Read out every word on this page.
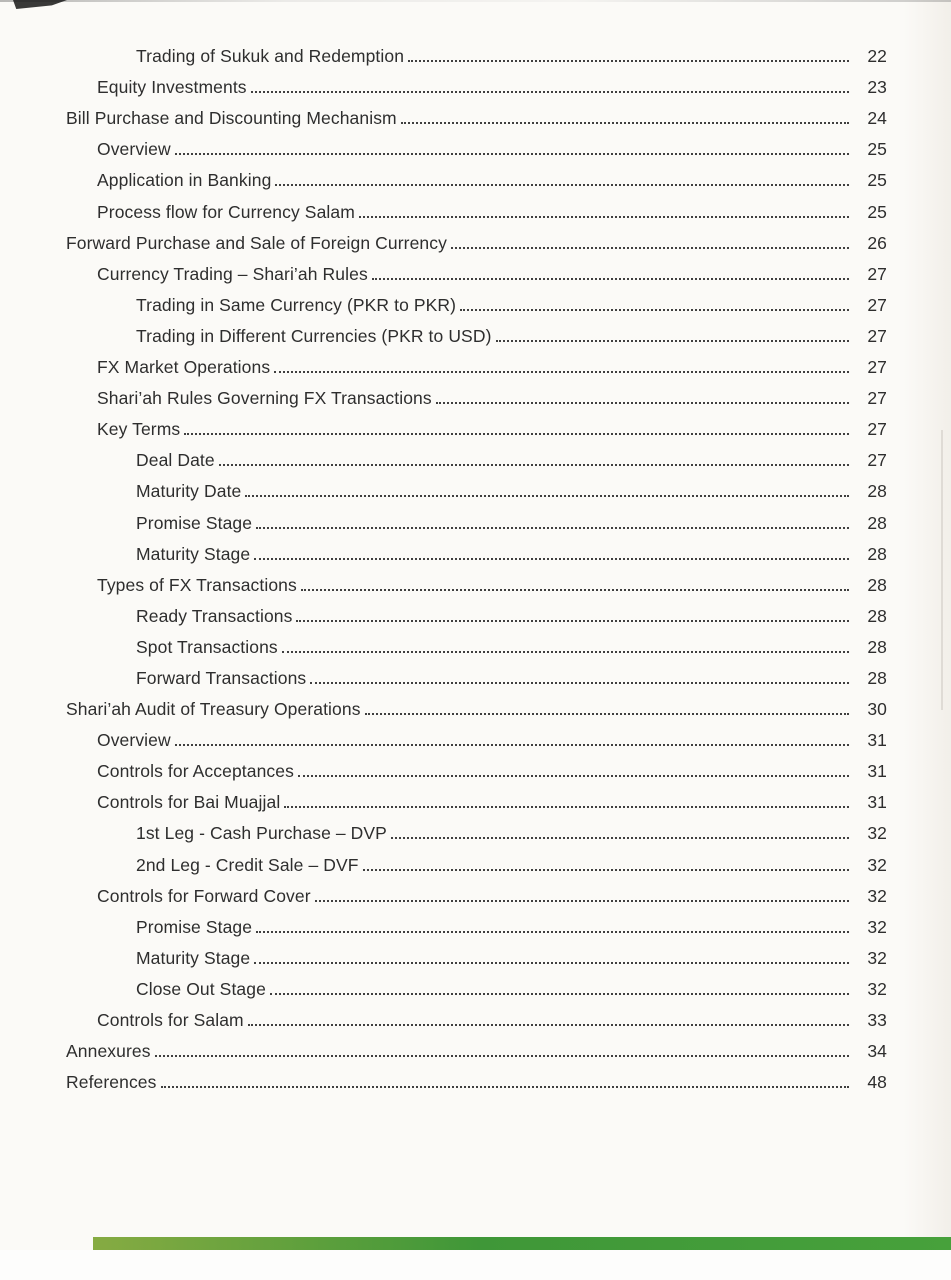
Trading of Sukuk and Redemption	22
Equity Investments	23
Bill Purchase and Discounting Mechanism	24
Overview	25
Application in Banking	25
Process flow for Currency Salam	25
Forward Purchase and Sale of Foreign Currency	26
Currency Trading – Shari’ah Rules	27
Trading in Same Currency (PKR to PKR)	27
Trading in Different Currencies (PKR to USD)	27
FX Market Operations	27
Shari’ah Rules Governing FX Transactions	27
Key Terms	27
Deal Date	27
Maturity Date	28
Promise Stage	28
Maturity Stage	28
Types of FX Transactions	28
Ready Transactions	28
Spot Transactions	28
Forward Transactions	28
Shari’ah Audit of Treasury Operations	30
Overview	31
Controls for Acceptances	31
Controls for Bai Muajjal	31
1st Leg - Cash Purchase – DVP	32
2nd Leg - Credit Sale – DVF	32
Controls for Forward Cover	32
Promise Stage	32
Maturity Stage	32
Close Out Stage	32
Controls for Salam	33
Annexures	34
References	48
